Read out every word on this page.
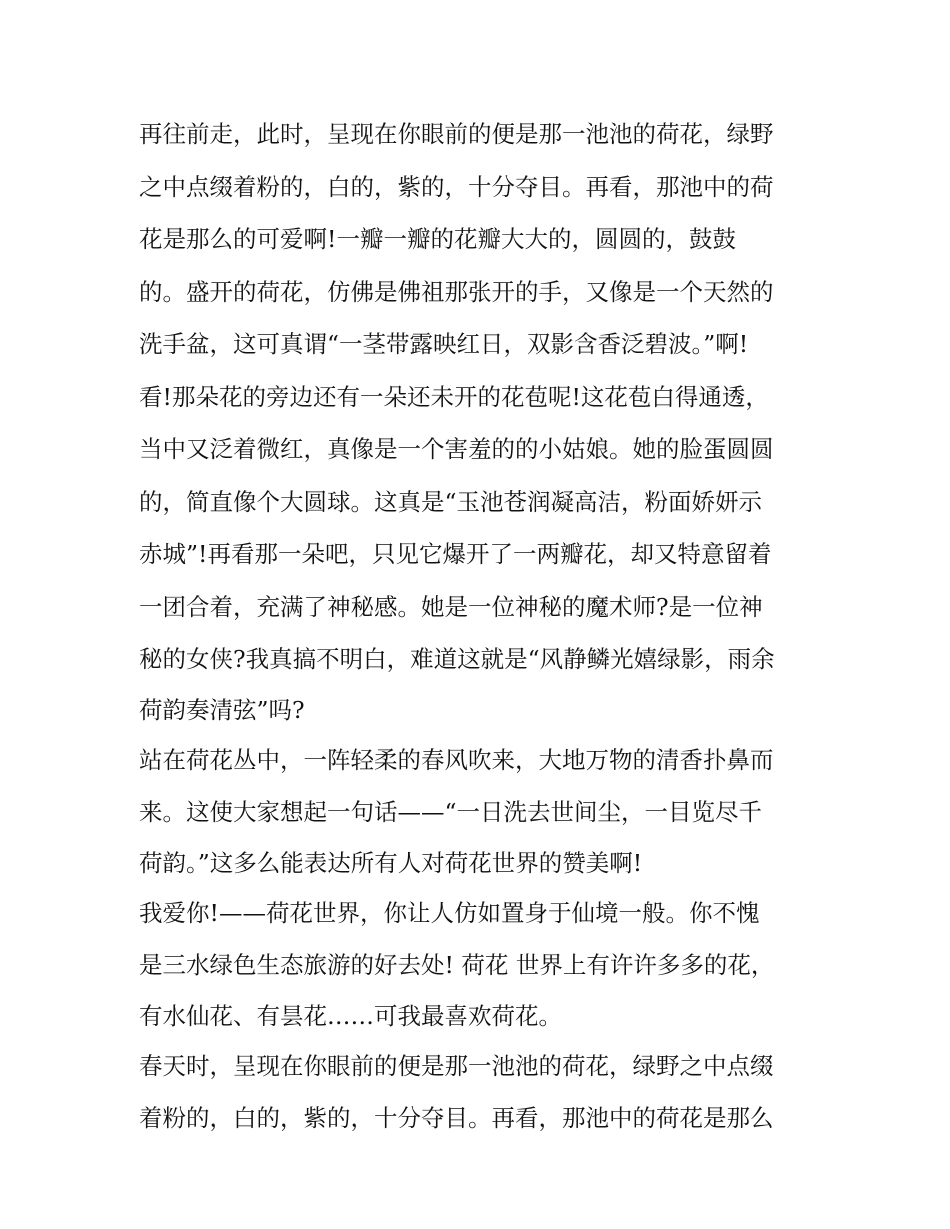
再往前走，此时，呈现在你眼前的便是那一池池的荷花，绿野
之中点缀着粉的，白的，紫的，十分夺目。再看，那池中的荷
花是那么的可爱啊!一瓣一瓣的花瓣大大的，圆圆的，鼓鼓
的。盛开的荷花，仿佛是佛祖那张开的手，又像是一个天然的
洗手盆，这可真谓“一茎带露映红日，双影含香泛碧波。”啊!
看!那朵花的旁边还有一朵还未开的花苞呢!这花苞白得通透，
当中又泛着微红，真像是一个害羞的的小姑娘。她的脸蛋圆圆
的，简直像个大圆球。这真是“玉池苍润凝高洁，粉面娇妍示
赤城”!再看那一朵吧，只见它爆开了一两瓣花，却又特意留着
一团合着，充满了神秘感。她是一位神秘的魔术师?是一位神
秘的女侠?我真搞不明白，难道这就是“风静鳞光嬉绿影，雨余
荷韵奏清弦”吗?
站在荷花丛中，一阵轻柔的春风吹来，大地万物的清香扑鼻而
来。这使大家想起一句话——“一日洗去世间尘，一目览尽千
荷韵。”这多么能表达所有人对荷花世界的赞美啊!
我爱你!——荷花世界，你让人仿如置身于仙境一般。你不愧
是三水绿色生态旅游的好去处! 荷花 世界上有许许多多的花，
有水仙花、有昙花……可我最喜欢荷花。
春天时，呈现在你眼前的便是那一池池的荷花，绿野之中点缀
着粉的，白的，紫的，十分夺目。再看，那池中的荷花是那么
